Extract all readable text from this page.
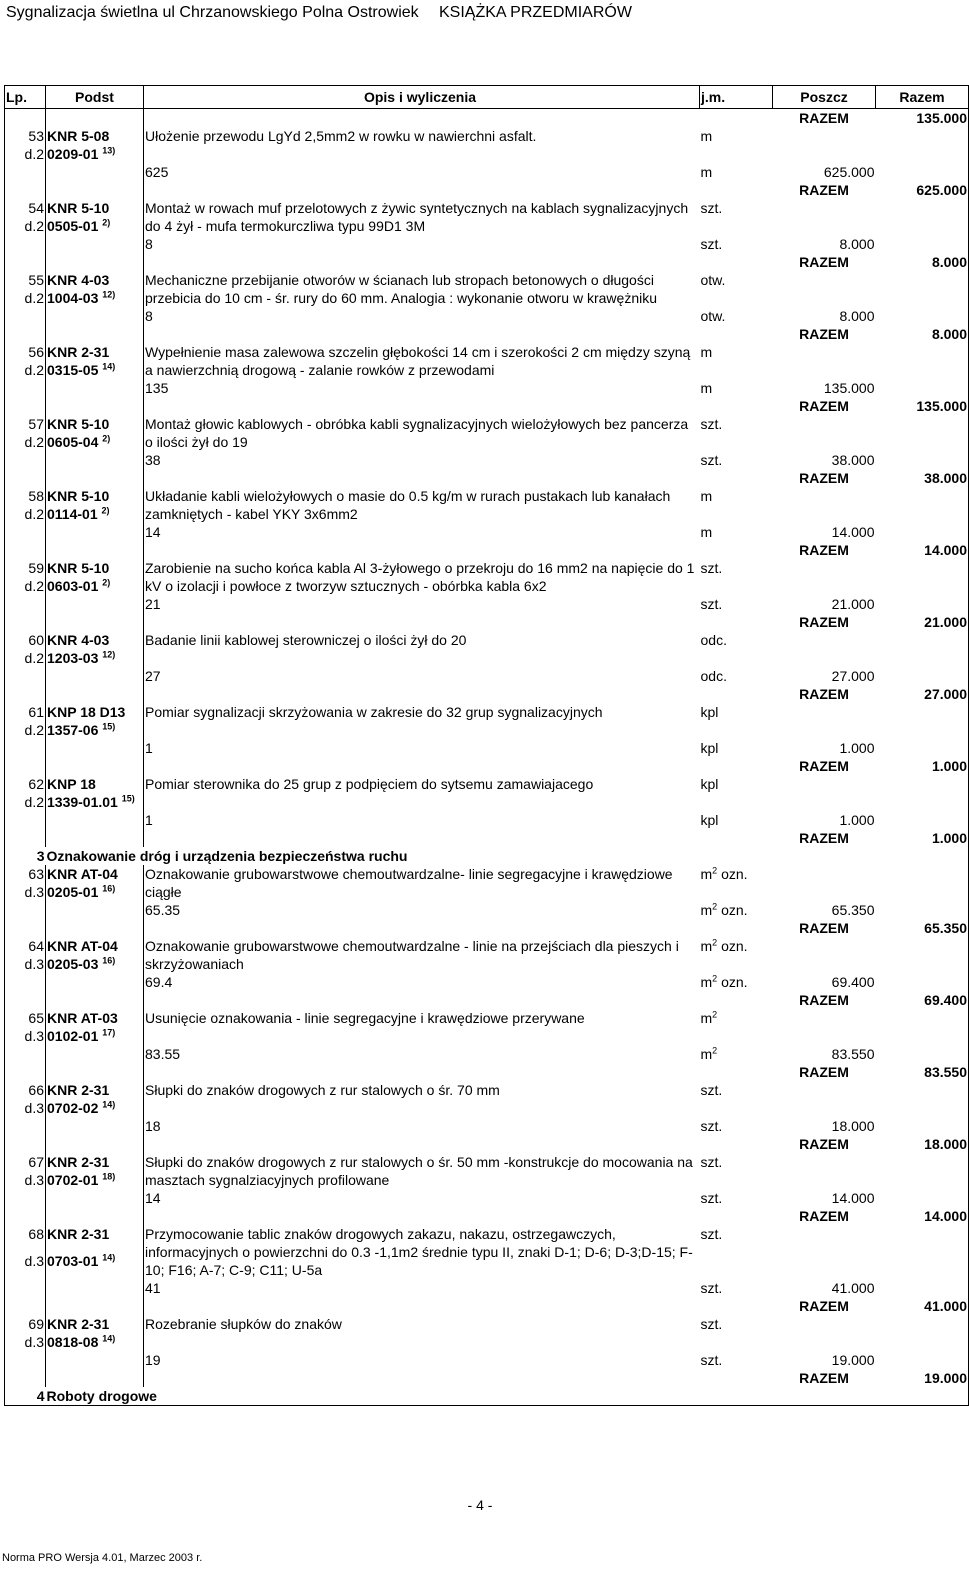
Sygnalizacja świetlna ul Chrzanowskiego Polna Ostrowiek KSIĄŻKA PRZEDMIARÓW
Lp.	Podst	Opis i wyliczenia	j.m.	Poszcz	Razem
				RAZEM	135.000
53	KNR 5-08	Ułożenie przewodu LgYd 2,5mm2 w rowku w nawierchni asfalt.	m		
d.2	0209-01 $^{13)}$			
		625	m	625.000	
				RAZEM	625.000
54	KNR 5-10	Montaż w rowach muf przelotowych z żywic syntetycznych na kablach sygnalizacyjnych do 4 żył - mufa termokurczliwa typu 99D1 3M	szt.		
d.2	0505-01 $^{2)}$			
		8	szt.	8.000	
				RAZEM	8.000
55	KNR 4-03	Mechaniczne przebijanie otworów w ścianach lub stropach betonowych o długości przebicia do 10 cm - śr. rury do 60 mm. Analogia : wykonanie otworu w krawężniku	otw.		
d.2	1004-03 $^{12)}$			
		8	otw.	8.000	
				RAZEM	8.000
56	KNR 2-31	Wypełnienie masa zalewowa szczelin głębokości 14 cm i szerokości 2 cm między szyną a nawierzchnią drogową - zalanie rowków z przewodami	m		
d.2	0315-05 $^{14)}$			
		135	m	135.000	
				RAZEM	135.000
57	KNR 5-10	Montaż głowic kablowych - obróbka kabli sygnalizacyjnych wielożyłowych bez pancerza o ilości żył do 19	szt.		
d.2	0605-04 $^{2)}$			
		38	szt.	38.000	
				RAZEM	38.000
58	KNR 5-10	Układanie kabli wielożyłowych o masie do 0.5 kg/m w rurach pustakach lub kanałach zamkniętych - kabel YKY 3x6mm2	m		
d.2	0114-01 $^{2)}$			
		14	m	14.000	
				RAZEM	14.000
59	KNR 5-10	Zarobienie na sucho końca kabla Al 3-żyłowego o przekroju do 16 mm2 na napięcie do 1 kV o izolacji i powłoce z tworzyw sztucznych - obórbka kabla 6x2	szt.		
d.2	0603-01 $^{2)}$			
		21	szt.	21.000	
				RAZEM	21.000
60	KNR 4-03	Badanie linii kablowej sterowniczej o ilości żył do 20	odc.		
d.2	1203-03 $^{12)}$			
		27	odc.	27.000	
				RAZEM	27.000
61	KNP 18 D13	Pomiar sygnalizacji skrzyżowania w zakresie do 32 grup sygnalizacyjnych	kpl		
d.2	1357-06 $^{15)}$			
		1	kpl	1.000	
				RAZEM	1.000
62	KNP 18	Pomiar sterownika do 25 grup z podpięciem do sytsemu zamawiajacego	kpl		
d.2	1339-01.01 $^{15)}$			
		1	kpl	1.000	
				RAZEM	1.000
3	Oznakowanie dróg i urządzenia bezpieczeństwa ruchu				
63	KNR AT-04	Oznakowanie grubowarstwowe chemoutwardzalne- linie segregacyjne i krawędziowe ciągłe	$m^2$ ozn.		
d.3	0205-01 $^{16)}$			
		65.35	$m^2$ ozn.	65.350	
				RAZEM	65.350
64	KNR AT-04	Oznakowanie grubowarstwowe chemoutwardzalne - linie na przejściach dla pieszych i skrzyżowaniach	$m^2$ ozn.		
d.3	0205-03 $^{16)}$			
		69.4	$m^2$ ozn.	69.400	
				RAZEM	69.400
65	KNR AT-03	Usunięcie oznakowania - linie segregacyjne i krawędziowe przerywane	$m^2$		
d.3	0102-01 $^{17)}$			
		83.55	$m^2$	83.550	
				RAZEM	83.550
66	KNR 2-31	Słupki do znaków drogowych z rur stalowych o śr. 70 mm	szt.		
d.3	0702-02 $^{14)}$			
		18	szt.	18.000	
				RAZEM	18.000
67	KNR 2-31	Słupki do znaków drogowych z rur stalowych o śr. 50 mm -konstrukcje do mocowania na masztach sygnalziacyjnych profilowane	szt.		
d.3	0702-01 $^{18)}$			
		14	szt.	14.000	
				RAZEM	14.000
68	KNR 2-31	Przymocowanie tablic znaków drogowych zakazu, nakazu, ostrzegawczych, informacyjnych o powierzchni do 0.3 -1,1m2 średnie typu II, znaki D-1; D-6; D-3;D-15; F-10; F16; A-7; C-9; C11; U-5a	szt.		
d.3	0703-01 $^{14)}$			
		41	szt.	41.000	
				RAZEM	41.000
69	KNR 2-31	Rozebranie słupków do znaków	szt.		
d.3	0818-08 $^{14)}$			
		19	szt.	19.000	
				RAZEM	19.000
4	Roboty drogowe				
- 4 -
Norma PRO Wersja 4.01, Marzec 2003 r.
